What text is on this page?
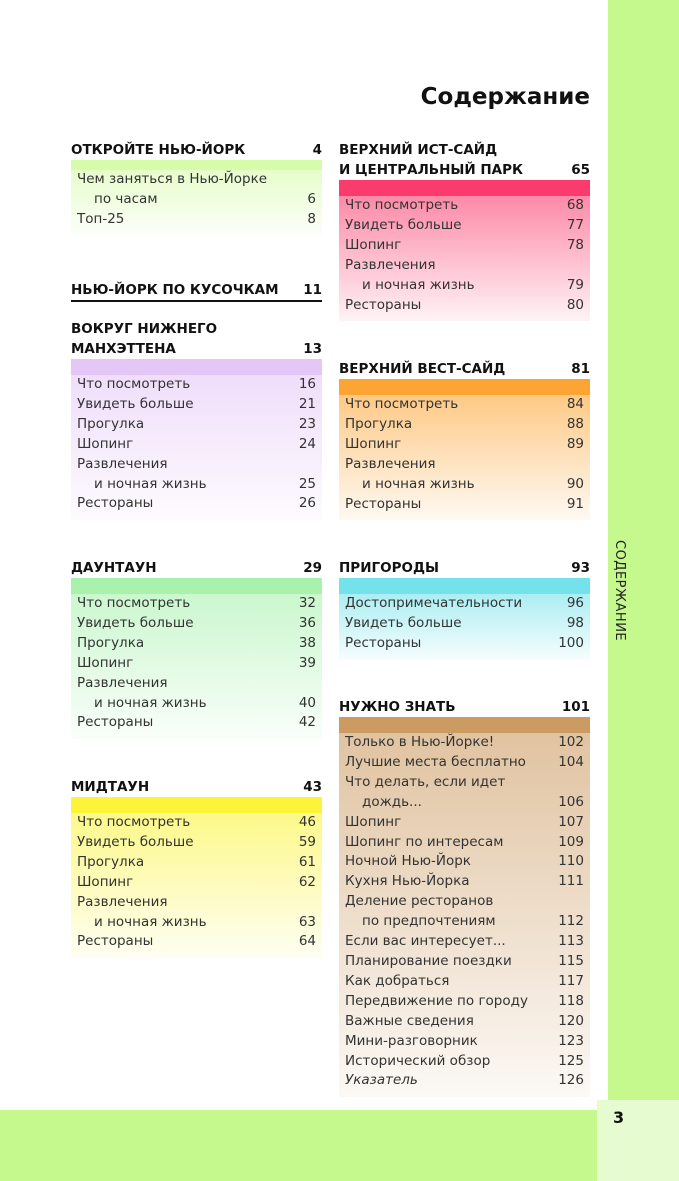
СОДЕРЖАНИЕ
3
Содержание
ОТКРОЙТЕ НЬЮ-ЙОРК	4
Чем заняться в Нью-Йорке
по часам	6
Топ-25	8
НЬЮ-ЙОРК ПО КУСОЧКАМ 11
ВОКРУГ НИЖНЕГО
МАНХЭТТЕНА	13
Что посмотреть	16
Увидеть больше	21
Прогулка	23
Шопинг	24
Развлечения
и ночная жизнь	25
Рестораны	26
ДАУНТАУН	29
Что посмотреть	32
Увидеть больше	36
Прогулка	38
Шопинг	39
Развлечения
и ночная жизнь	40
Рестораны	42
МИДТАУН	43
Что посмотреть	46
Увидеть больше	59
Прогулка	61
Шопинг	62
Развлечения
и ночная жизнь	63
Рестораны	64
ВЕРХНИЙ ИСТ-САЙД
И ЦЕНТРАЛЬНЫЙ ПАРК	65
Что посмотреть	68
Увидеть больше	77
Шопинг	78
Развлечения
и ночная жизнь	79
Рестораны	80
ВЕРХНИЙ ВЕСТ-САЙД	81
Что посмотреть	84
Прогулка	88
Шопинг	89
Развлечения
и ночная жизнь	90
Рестораны	91
ПРИГОРОДЫ	93
Достопримечательности	96
Увидеть больше	98
Рестораны	100
НУЖНО ЗНАТЬ	101
Только в Нью-Йорке!	102
Лучшие места бесплатно 104
Что делать, если идет
дождь...	106
Шопинг	107
Шопинг по интересам	109
Ночной Нью-Йорк	110
Кухня Нью-Йорка	111
Деление ресторанов
по предпочтениям	112
Если вас интересует...	113
Планирование поездки	115
Как добраться	117
Передвижение по городу 118
Важные сведения	120
Мини-разговорник	123
Исторический обзор	125
Указатель	126
